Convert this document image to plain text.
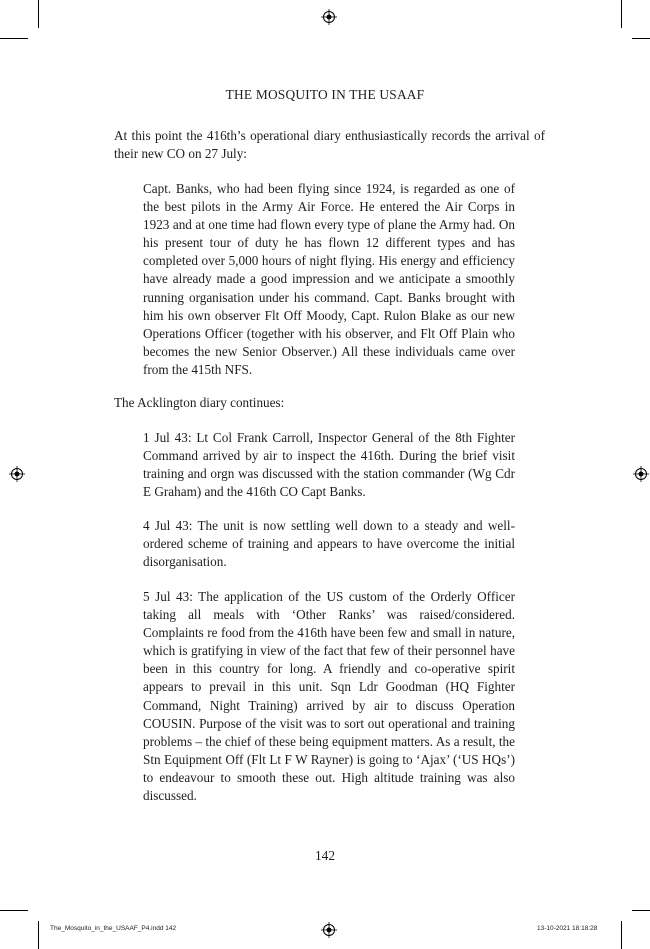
THE MOSQUITO IN THE USAAF

At this point the 416th’s operational diary enthusiastically records the arrival of their new CO on 27 July:

Capt. Banks, who had been flying since 1924, is regarded as one of the best pilots in the Army Air Force. He entered the Air Corps in 1923 and at one time had flown every type of plane the Army had. On his present tour of duty he has flown 12 different types and has completed over 5,000 hours of night flying. His energy and efficiency have already made a good impression and we anticipate a smoothly running organisation under his command. Capt. Banks brought with him his own observer Flt Off Moody, Capt. Rulon Blake as our new Operations Officer (together with his observer, and Flt Off Plain who becomes the new Senior Observer.) All these individuals came over from the 415th NFS.

The Acklington diary continues:

1 Jul 43: Lt Col Frank Carroll, Inspector General of the 8th Fighter Command arrived by air to inspect the 416th. During the brief visit training and orgn was discussed with the station commander (Wg Cdr E Graham) and the 416th CO Capt Banks.

4 Jul 43: The unit is now settling well down to a steady and well-ordered scheme of training and appears to have overcome the initial disorganisation.

5 Jul 43: The application of the US custom of the Orderly Officer taking all meals with ‘Other Ranks’ was raised/considered. Complaints re food from the 416th have been few and small in nature, which is gratifying in view of the fact that few of their personnel have been in this country for long. A friendly and co-operative spirit appears to prevail in this unit. Sqn Ldr Goodman (HQ Fighter Command, Night Training) arrived by air to discuss Operation COUSIN. Purpose of the visit was to sort out operational and training problems – the chief of these being equipment matters. As a result, the Stn Equipment Off (Flt Lt F W Rayner) is going to ‘Ajax’ (‘US HQs’) to endeavour to smooth these out. High altitude training was also discussed.

142
The_Mosquito_in_the_USAAF_P4.indd 142	13-10-2021 18:18:28
